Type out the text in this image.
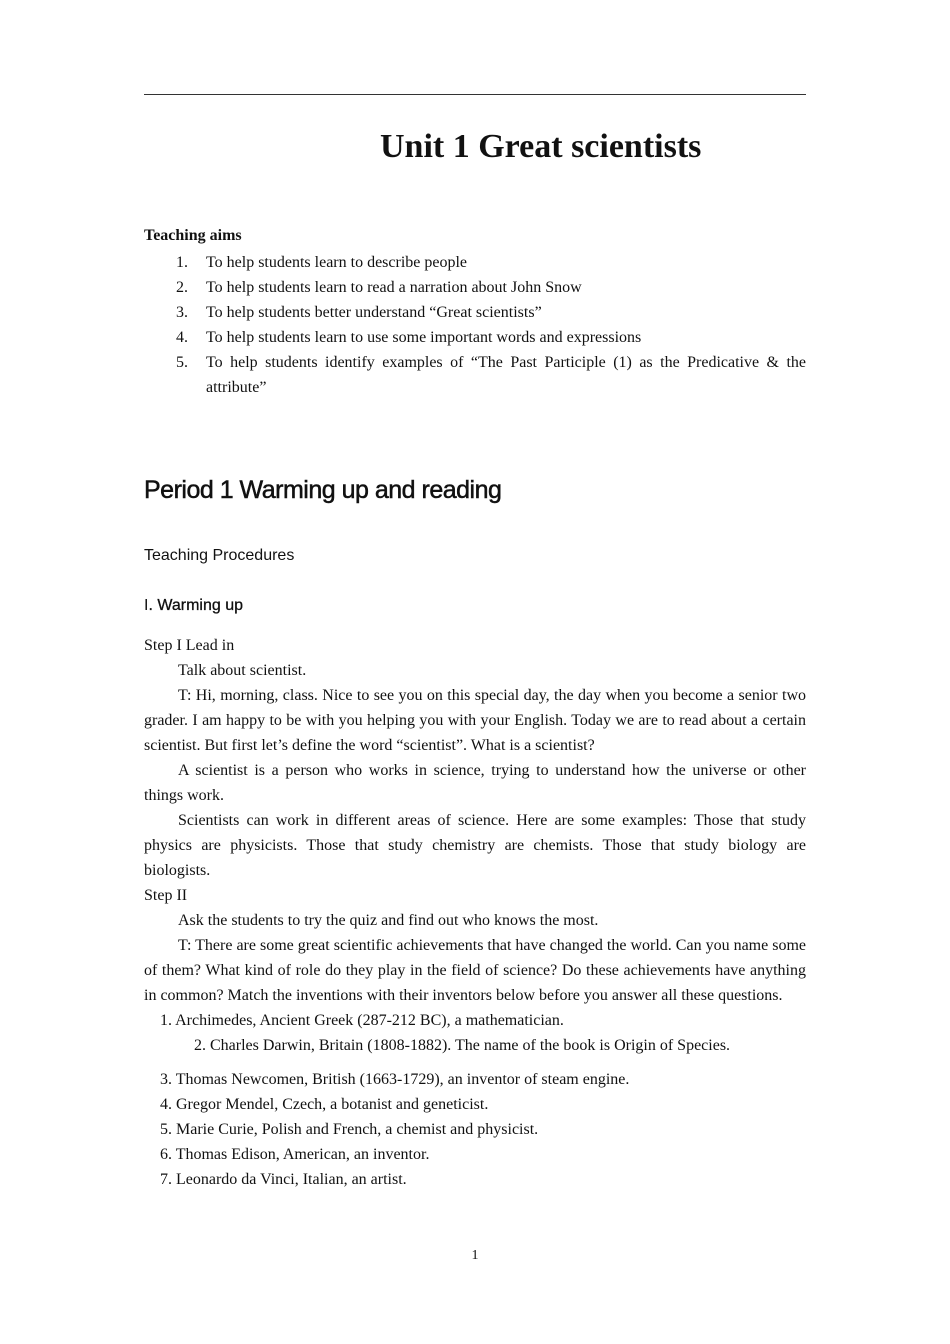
Unit 1 Great scientists
Teaching aims
1.	To help students learn to describe people
2.	To help students learn to read a narration about John Snow
3.	To help students better understand “Great scientists”
4.	To help students learn to use some important words and expressions
5.	To help students identify examples of “The Past Participle (1) as the Predicative & the attribute”
Period 1 Warming up and reading
Teaching Procedures
I. Warming up

Step I Lead in

Talk about scientist.

T: Hi, morning, class. Nice to see you on this special day, the day when you become a senior two grader. I am happy to be with you helping you with your English. Today we are to read about a certain scientist. But first let’s define the word “scientist”. What is a scientist?

A scientist is a person who works in science, trying to understand how the universe or other things work.

Scientists can work in different areas of science. Here are some examples: Those that study physics are physicists. Those that study chemistry are chemists. Those that study biology are biologists.

Step II

Ask the students to try the quiz and find out who knows the most.

T: There are some great scientific achievements that have changed the world. Can you name some of them? What kind of role do they play in the field of science? Do these achievements have anything in common? Match the inventions with their inventors below before you answer all these questions.

1. Archimedes, Ancient Greek (287-212 BC), a mathematician.

2. Charles Darwin, Britain (1808-1882). The name of the book is Origin of Species.

3. Thomas Newcomen, British (1663-1729), an inventor of steam engine.

4. Gregor Mendel, Czech, a botanist and geneticist.

5. Marie Curie, Polish and French, a chemist and physicist.

6. Thomas Edison, American, an inventor.

7. Leonardo da Vinci, Italian, an artist.

1
